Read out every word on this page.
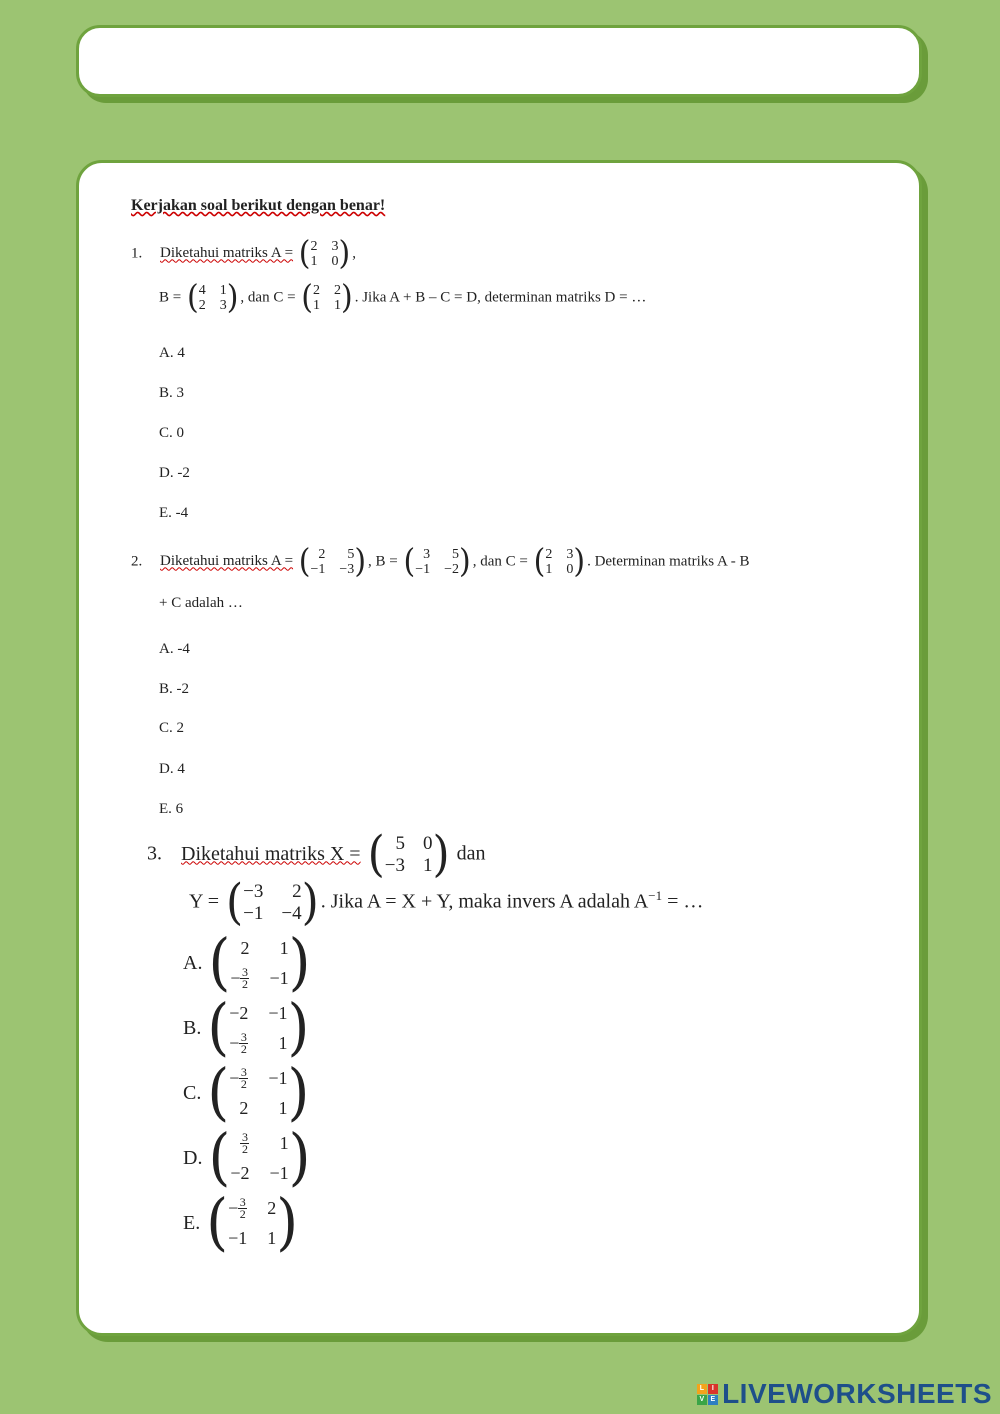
Kerjakan soal berikut dengan benar!
1. Diketahui matriks A = ( 2 3
1 0 ) ,
B = ( 4 1
2 3 ) , dan C = ( 2 2
1 1 ) . Jika A + B – C = D, determinan matriks D = …
A. 4
B. 3
C. 0
D. -2
E. -4
2. Diketahui matriks A = ( 2	5
−1 −3 ) , B = ( 3	5
−1 −2 ) , dan C = ( 2 3
1 0 ) . Determinan matriks A - B
+ C adalah …
A. -4
B. -2
C. 2
D. 4
E. 6
3. Diketahui matriks X = ( 5 0
−3 1 ) dan
Y = ( −3	2
−1 −4 ) . Jika A = X + Y, maka invers A adalah $A^{-1}$ = …
A. ( 2	1
− $\frac{3}{2} -1$ )
B. ( −2 −1
− $\frac{3}{2}$	1 )
C. ( − $\frac{3}{2} -1$
2	1 )
D. ( $\frac{3}{2}$	1
−2 −1 )
E. ( − $\frac{3}{2} 2$
−1 1 )
L	I
V E LIVEWORKSHEETS
